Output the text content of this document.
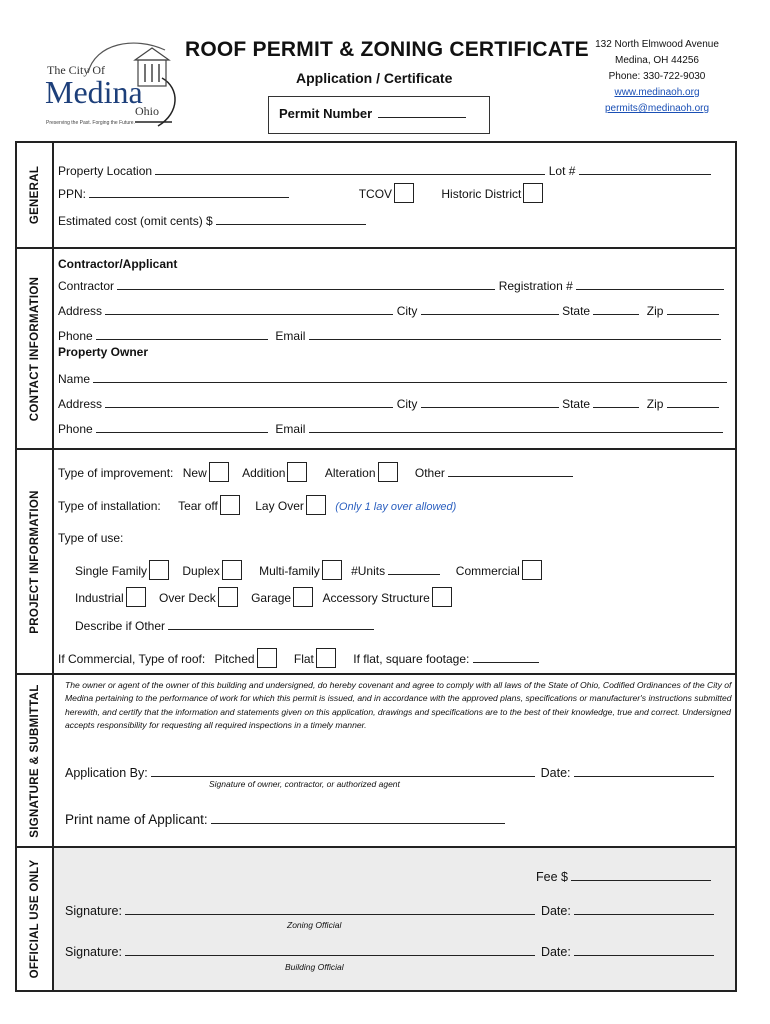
The City Of
Medina
Ohio
Preserving the Past. Forging the Future.
ROOF PERMIT & ZONING CERTIFICATE
Application / Certificate
Permit Number
132 North Elmwood Avenue
Medina, OH 44256
Phone: 330-722-9030
www.medinaoh.org
permits@medinaoh.org
GENERAL Property Location	Lot #
PPN:	TCOV	Historic District
Estimated cost (omit cents) $
CONTACT INFORMATION
Contractor/Applicant
Contractor	Registration #
Address	City	State	Zip
Phone	Email
Property Owner
Name
Address	City	State	Zip
Phone	Email
PROJECT INFORMATION
Type of improvement: New	Addition	Alteration	Other
Type of installation: Tear off	Lay Over	(Only 1 lay over allowed)
Type of use:
Single Family	Duplex	Multi-family	#Units	Commercial
Industrial	Over Deck	Garage	Accessory Structure
Describe if Other
If Commercial, Type of roof: Pitched	Flat	If flat, square footage:
SIGNATURE & SUBMITTAL	The owner or agent of the owner of this building and undersigned, do hereby covenant and agree to comply with all laws of the State of Ohio, Codified Ordinances of the City of Medina pertaining to the performance of work for which this permit is issued, and in accordance with the approved plans, specifications or manufacturer's instructions submitted herewith, and certify that the information and statements given on this application, drawings and specifications are to the best of their knowledge, true and correct. Undersigned accepts responsibility for requesting all required inspections in a timely manner.
Application By:	Date:
Signature of owner, contractor, or authorized agent
Print name of Applicant:
OFFICIAL USE ONLY	Fee $
Signature:	Date:
Zoning Official
Signature:	Date:
Building Official
